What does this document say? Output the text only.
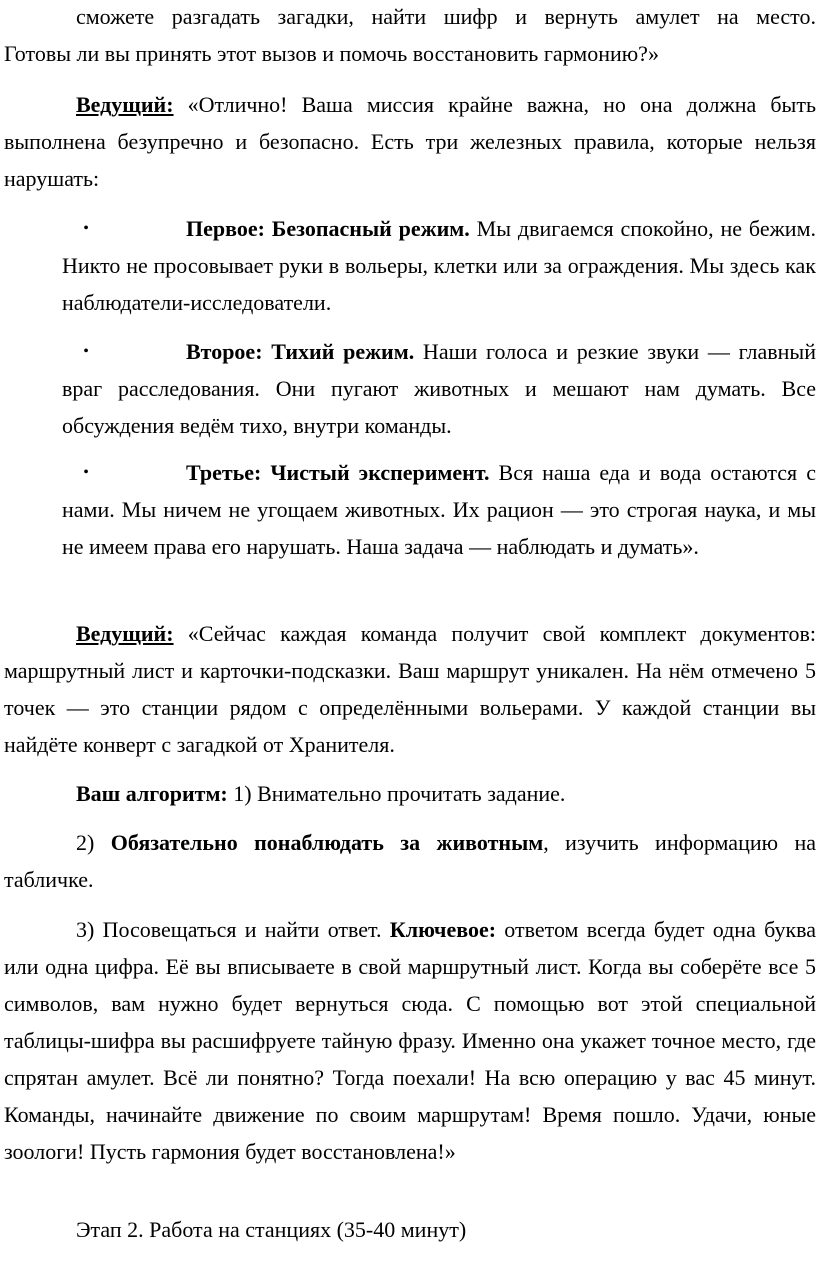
сможете разгадать загадки, найти шифр и вернуть амулет на место.

Готовы ли вы принять этот вызов и помочь восстановить гармонию?»

Ведущий: «Отлично! Ваша миссия крайне важна, но она должна быть выполнена безупречно и безопасно. Есть три железных правила, которые нельзя нарушать:

•	Первое: Безопасный режим. Мы двигаемся спокойно, не бежим. Никто не просовывает руки в вольеры, клетки или за ограждения. Мы здесь как наблюдатели-исследователи.

•	Второе: Тихий режим. Наши голоса и резкие звуки — главный враг расследования. Они пугают животных и мешают нам думать. Все обсуждения ведём тихо, внутри команды.

•	Третье: Чистый эксперимент. Вся наша еда и вода остаются с нами. Мы ничем не угощаем животных. Их рацион — это строгая наука, и мы не имеем права его нарушать. Наша задача — наблюдать и думать».

Ведущий: «Сейчас каждая команда получит свой комплект документов: маршрутный лист и карточки-подсказки. Ваш маршрут уникален. На нём отмечено 5 точек — это станции рядом с определёнными вольерами. У каждой станции вы найдёте конверт с загадкой от Хранителя.

Ваш алгоритм: 1) Внимательно прочитать задание.

2) Обязательно понаблюдать за животным, изучить информацию на табличке.

3) Посовещаться и найти ответ. Ключевое: ответом всегда будет одна буква или одна цифра. Её вы вписываете в свой маршрутный лист. Когда вы соберёте все 5 символов, вам нужно будет вернуться сюда. С помощью вот этой специальной таблицы-шифра вы расшифруете тайную фразу. Именно она укажет точное место, где спрятан амулет. Всё ли понятно? Тогда поехали! На всю операцию у вас 45 минут. Команды, начинайте движение по своим маршрутам! Время пошло. Удачи, юные зоологи! Пусть гармония будет восстановлена!»

Этап 2. Работа на станциях (35-40 минут)
